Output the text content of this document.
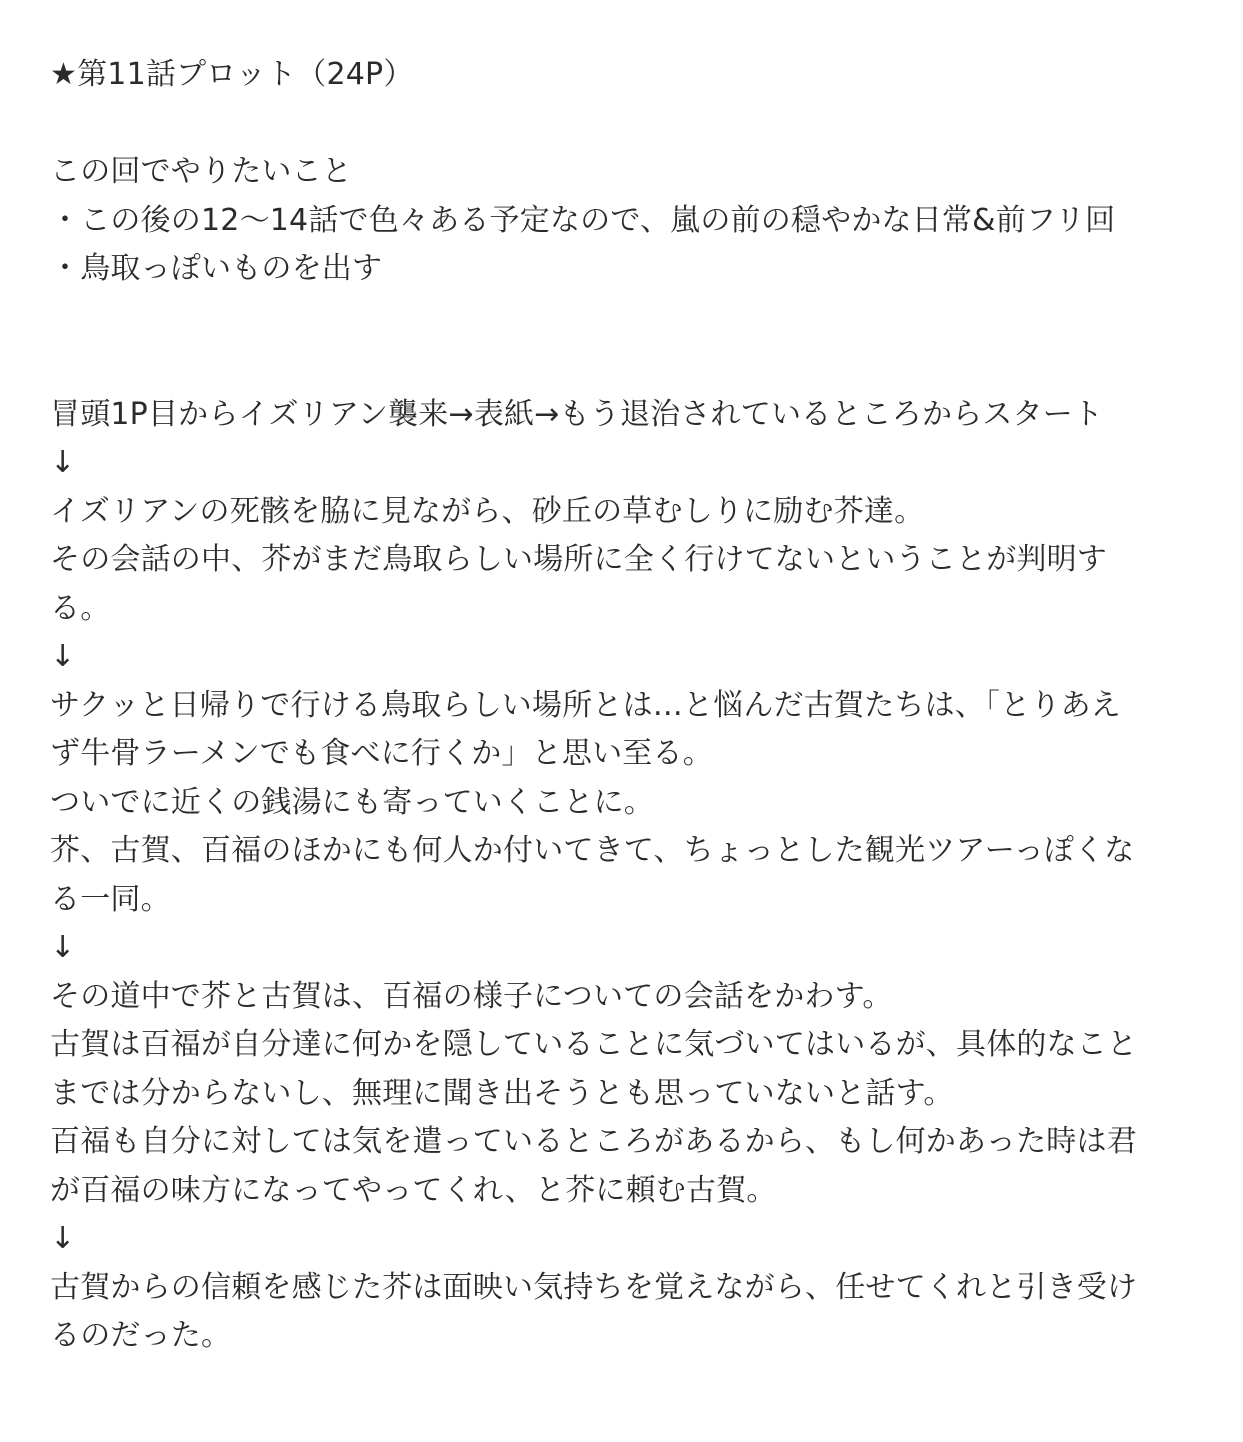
★第11話プロット（24P）
この回でやりたいこと
・この後の12〜14話で色々ある予定なので、嵐の前の穏やかな日常&前フリ回
・鳥取っぽいものを出す
冒頭1P目からイズリアン襲来→表紙→もう退治されているところからスタート
↓
イズリアンの死骸を脇に見ながら、砂丘の草むしりに励む芥達。
その会話の中、芥がまだ鳥取らしい場所に全く行けてないということが判明す
る。
↓
サクッと日帰りで行ける鳥取らしい場所とは…と悩んだ古賀たちは、「とりあえ
ず牛骨ラーメンでも食べに行くか」と思い至る。
ついでに近くの銭湯にも寄っていくことに。
芥、古賀、百福のほかにも何人か付いてきて、ちょっとした観光ツアーっぽくな
る一同。
↓
その道中で芥と古賀は、百福の様子についての会話をかわす。
古賀は百福が自分達に何かを隠していることに気づいてはいるが、具体的なこと
までは分からないし、無理に聞き出そうとも思っていないと話す。
百福も自分に対しては気を遣っているところがあるから、もし何かあった時は君
が百福の味方になってやってくれ、と芥に頼む古賀。
↓
古賀からの信頼を感じた芥は面映い気持ちを覚えながら、任せてくれと引き受け
るのだった。
